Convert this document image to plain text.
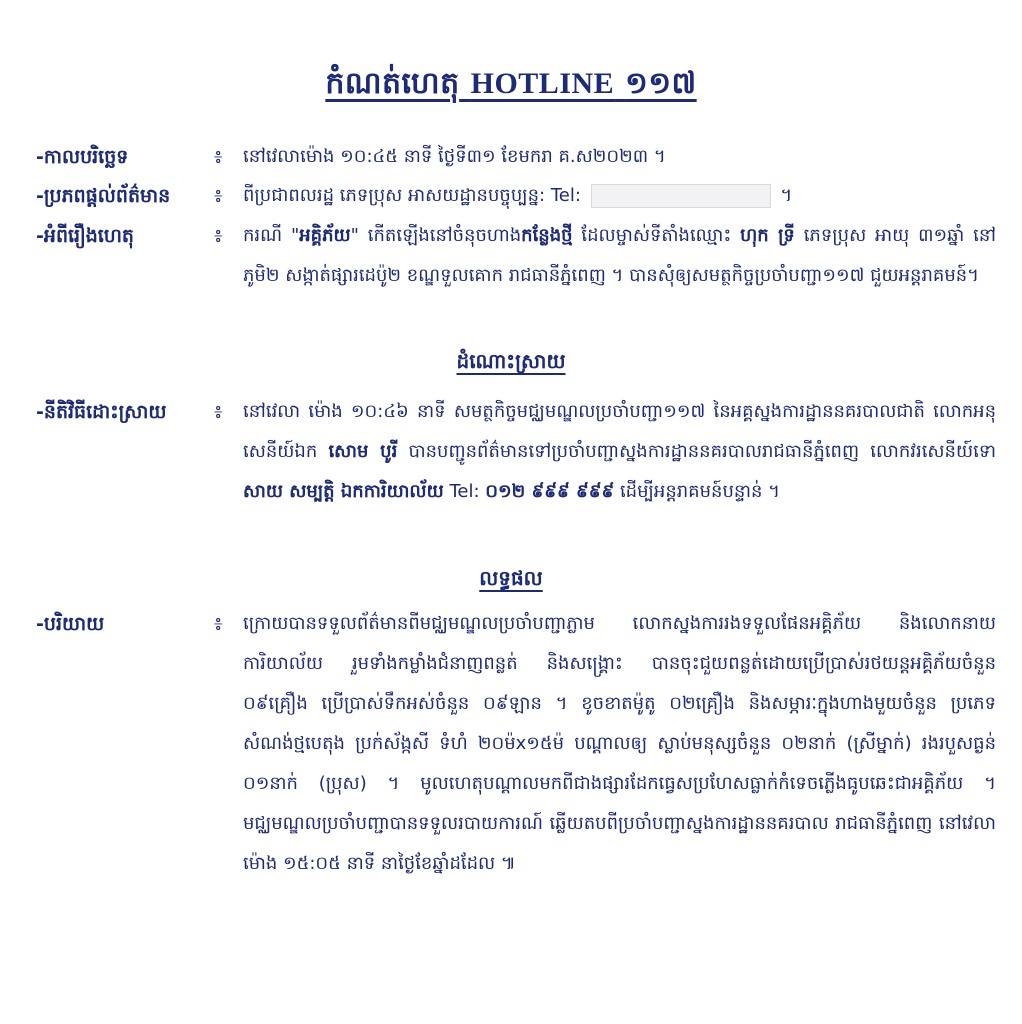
កំណត់ហេតុ HOTLINE ១១៧
-កាលបរិច្ឆេទ	៖ នៅវេលាម៉ោង ១០:៤៥ នាទី ថ្ងៃទី៣១ ខែមករា គ.ស២០២៣ ។

-ប្រភពផ្តល់ព័ត៌មាន	៖ ពីប្រជាពលរដ្ឋ ភេទប្រុស អាសយដ្ឋានបច្ចុប្បន្ន: Tel:	។

-អំពីរឿងហេតុ	៖ ករណី "អគ្គិភ័យ" កើតឡើងនៅចំនុចហាងកន្លែងថ្មី ដែលម្ចាស់ទីតាំងឈ្មោះ ហុក ទ្រី ភេទប្រុស អាយុ ៣១ឆ្នាំ នៅភូមិ២ សង្កាត់ផ្សារដេប៉ូ២ ខណ្ឌទួលគោក រាជធានីភ្នំពេញ ។ បានសុំឲ្យសមត្ថកិច្ចប្រចាំបញ្ជា១១៧ ជួយអន្តរាគមន៍។

ដំណោះស្រាយ
-នីតិវិធីដោះស្រាយ	៖ នៅវេលា ម៉ោង ១០:៤៦ នាទី សមត្ថកិច្ចមជ្ឈមណ្ឌលប្រចាំបញ្ជា១១៧ នៃអគ្គស្នងការដ្ឋាននគរបាលជាតិ លោកអនុសេនីយ៍ឯក សោម បូរី បានបញ្ជូនព័ត៌មានទៅប្រចាំបញ្ជាស្នងការដ្ឋាននគរបាលរាជធានីភ្នំពេញ លោកវរសេនីយ៍ទោ សាយ សម្បត្តិ ឯកការិយាល័យ Tel: ០១២ ៩៩៩ ៩៩៩ ដើម្បីអន្តរាគមន៍បន្ទាន់ ។

លទ្ធផល
-បរិយាយ	៖ ក្រោយបានទទួលព័ត៌មានពីមជ្ឈមណ្ឌលប្រចាំបញ្ជាភ្លាម លោកស្នងការរងទទួលផែនអគ្គិភ័យ និងលោកនាយការិយាល័យ រួមទាំងកម្លាំងជំនាញពន្លត់ និងសង្គ្រោះ បានចុះជួយពន្លត់ដោយប្រើប្រាស់រថយន្តអគ្គិភ័យចំនួន ០៩គ្រឿង ប្រើប្រាស់ទឹកអស់ចំនួន ០៩ឡាន ។ ខូចខាតម៉ូតូ ០២គ្រឿង និងសម្ភារៈក្នុងហាងមួយចំនួន ប្រភេទសំណង់ថ្មបេតុង ប្រក់ស័ង្កសី ទំហំ ២០ម៉x១៥ម៉ បណ្តាលឲ្យ ស្លាប់មនុស្សចំនួន ០២នាក់ (ស្រីម្នាក់) រងរបួសធ្ងន់ ០១នាក់ (ប្រុស) ។ មូលហេតុបណ្តាលមកពីជាងផ្សារដែកធ្វេសប្រហែសធ្លាក់កំទេចភ្លើងធូបឆេះជាអគ្គិភ័យ ។ មជ្ឈមណ្ឌលប្រចាំបញ្ជាបានទទួលរបាយការណ៍ ឆ្លើយតបពីប្រចាំបញ្ជាស្នងការដ្ឋាននគរបាល រាជធានីភ្នំពេញ នៅវេលាម៉ោង ១៥:០៥ នាទី នាថ្ងៃខែឆ្នាំដដែល ៕
